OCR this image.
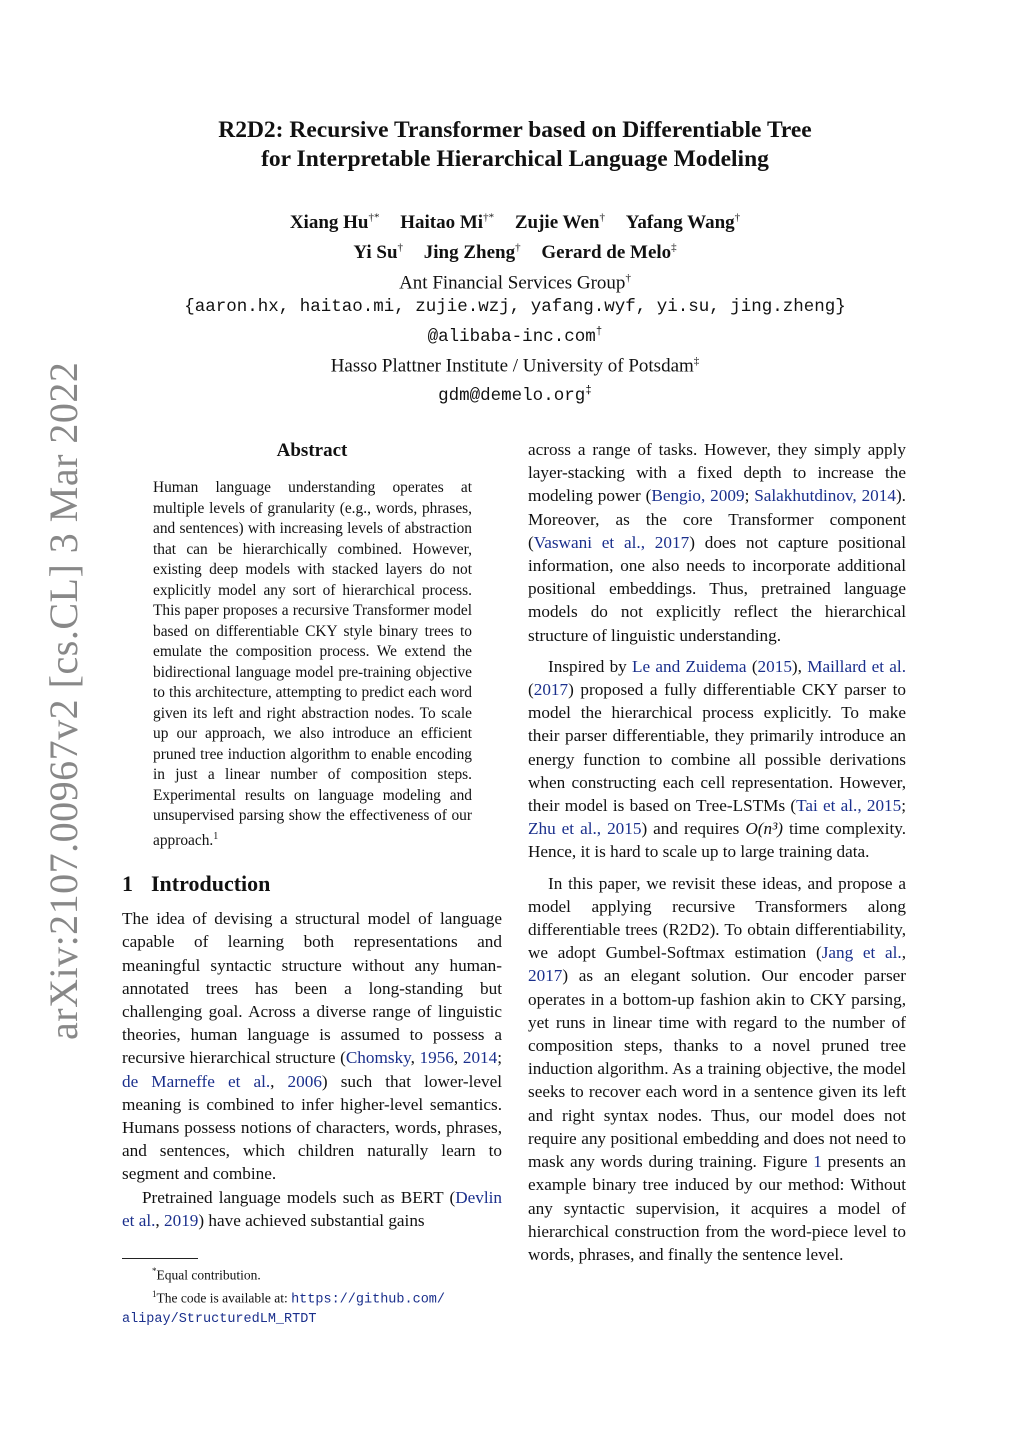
arXiv:2107.00967v2 [cs.CL] 3 Mar 2022
R2D2: Recursive Transformer based on Differentiable Tree
for Interpretable Hierarchical Language Modeling
Xiang Hu†* Haitao Mi†* Zujie Wen† Yafang Wang†
Yi Su† Jing Zheng† Gerard de Melo‡
Ant Financial Services Group†
{aaron.hx, haitao.mi, zujie.wzj, yafang.wyf, yi.su, jing.zheng}
@alibaba-inc.com†
Hasso Plattner Institute / University of Potsdam‡
gdm@demelo.org‡
Abstract
Human language understanding operates at multiple levels of granularity (e.g., words, phrases, and sentences) with increasing levels of abstraction that can be hierarchically combined. However, existing deep models with stacked layers do not explicitly model any sort of hierarchical process. This paper proposes a recursive Transformer model based on differentiable CKY style binary trees to emulate the composition process. We extend the bidirectional language model pre-training objective to this architecture, attempting to predict each word given its left and right abstraction nodes. To scale up our approach, we also introduce an efficient pruned tree induction algorithm to enable encoding in just a linear number of composition steps. Experimental results on language modeling and unsupervised parsing show the effectiveness of our approach.$^1$
1 Introduction

The idea of devising a structural model of language capable of learning both representations and meaningful syntactic structure without any human-annotated trees has been a long-standing but challenging goal. Across a diverse range of linguistic theories, human language is assumed to possess a recursive hierarchical structure (Chomsky, 1956, 2014; de Marneffe et al., 2006) such that lower-level meaning is combined to infer higher-level semantics. Humans possess notions of characters, words, phrases, and sentences, which children naturally learn to segment and combine.

Pretrained language models such as BERT (Devlin et al., 2019) have achieved substantial gains

*Equal contribution.
$^1$The code is available at: https://github.com/
alipay/StructuredLM_RTDT

across a range of tasks. However, they simply apply layer-stacking with a fixed depth to increase the modeling power (Bengio, 2009; Salakhutdinov, 2014). Moreover, as the core Transformer component (Vaswani et al., 2017) does not capture positional information, one also needs to incorporate additional positional embeddings. Thus, pretrained language models do not explicitly reflect the hierarchical structure of linguistic understanding.

Inspired by Le and Zuidema (2015), Maillard et al. (2017) proposed a fully differentiable CKY parser to model the hierarchical process explicitly. To make their parser differentiable, they primarily introduce an energy function to combine all possible derivations when constructing each cell representation. However, their model is based on Tree-LSTMs (Tai et al., 2015; Zhu et al., 2015) and requires O(n³) time complexity. Hence, it is hard to scale up to large training data.

In this paper, we revisit these ideas, and propose a model applying recursive Transformers along differentiable trees (R2D2). To obtain differentiability, we adopt Gumbel-Softmax estimation (Jang et al., 2017) as an elegant solution. Our encoder parser operates in a bottom-up fashion akin to CKY parsing, yet runs in linear time with regard to the number of composition steps, thanks to a novel pruned tree induction algorithm. As a training objective, the model seeks to recover each word in a sentence given its left and right syntax nodes. Thus, our model does not require any positional embedding and does not need to mask any words during training. Figure 1 presents an example binary tree induced by our method: Without any syntactic supervision, it acquires a model of hierarchical construction from the word-piece level to words, phrases, and finally the sentence level.
